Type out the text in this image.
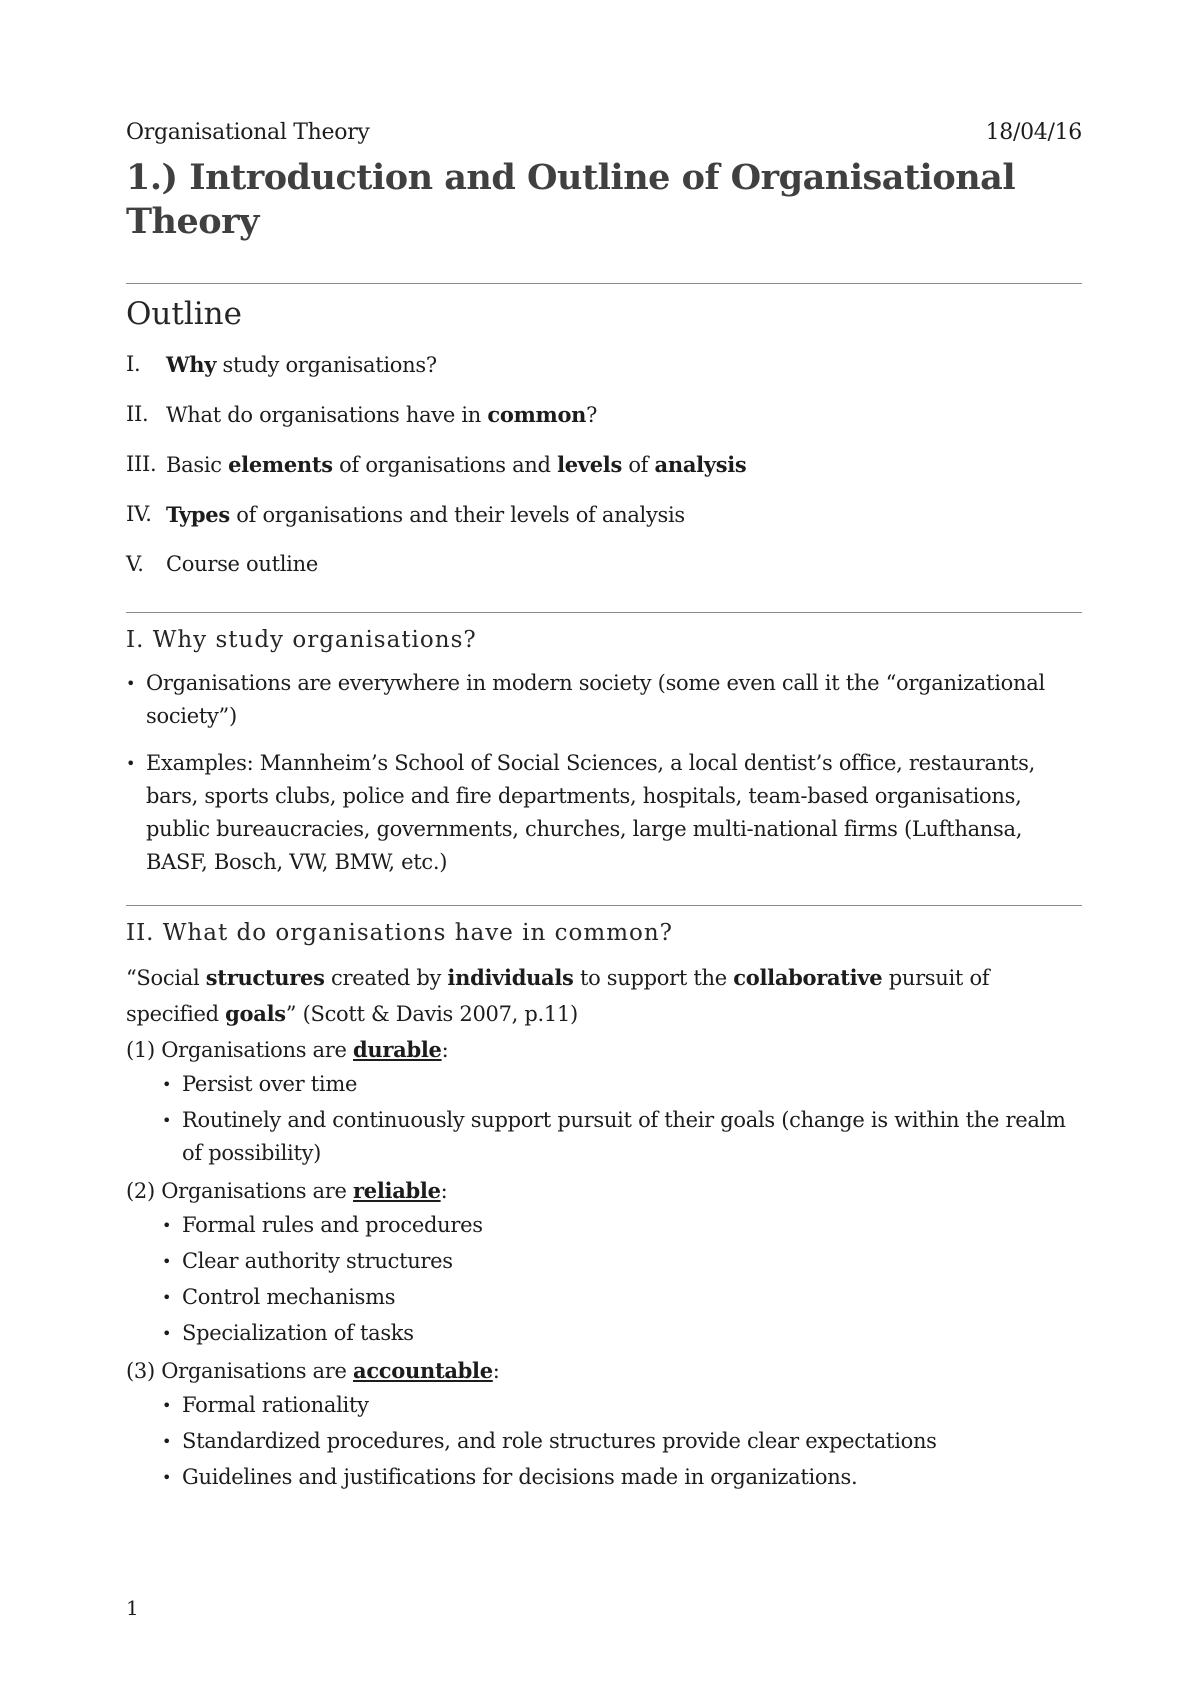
Organisational Theory	18/04/16
1.) Introduction and Outline of Organisational Theory
Outline
I.	Why study organisations?
II. What do organisations have in common?
III. Basic elements of organisations and levels of analysis
IV. Types of organisations and their levels of analysis
V.	Course outline
I. Why study organisations?
• Organisations are everywhere in modern society (some even call it the “organizational society”)
• Examples: Mannheim’s School of Social Sciences, a local dentist’s office, restaurants, bars, sports clubs, police and fire departments, hospitals, team-based organisations, public bureaucracies, governments, churches, large multi-national firms (Lufthansa, BASF, Bosch, VW, BMW, etc.)
II. What do organisations have in common?

“Social structures created by individuals to support the collaborative pursuit of specified goals” (Scott & Davis 2007, p.11)

(1) Organisations are durable:

• Persist over time
• Routinely and continuously support pursuit of their goals (change is within the realm of possibility)

(2) Organisations are reliable:

• Formal rules and procedures
• Clear authority structures
• Control mechanisms
• Specialization of tasks

(3) Organisations are accountable:

• Formal rationality
• Standardized procedures, and role structures provide clear expectations
• Guidelines and justifications for decisions made in organizations.
1
